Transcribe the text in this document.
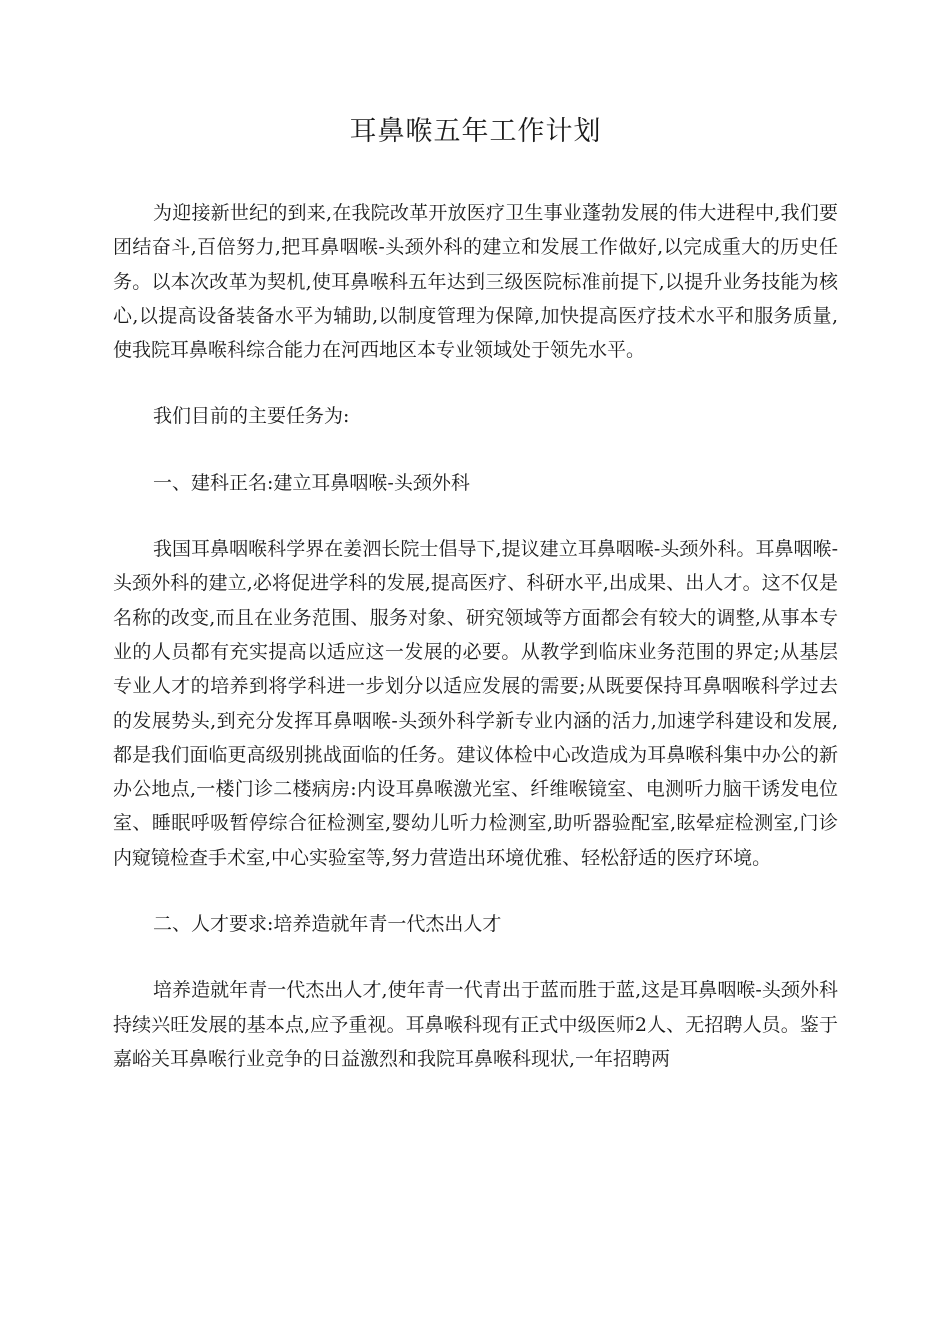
耳鼻喉五年工作计划

为迎接新世纪的到来,在我院改革开放医疗卫生事业蓬勃发展的伟大进程中,我们要团结奋斗,百倍努力,把耳鼻咽喉-头颈外科的建立和发展工作做好,以完成重大的历史任务。以本次改革为契机,使耳鼻喉科五年达到三级医院标准前提下,以提升业务技能为核心,以提高设备装备水平为辅助,以制度管理为保障,加快提高医疗技术水平和服务质量,使我院耳鼻喉科综合能力在河西地区本专业领域处于领先水平。

我们目前的主要任务为:

一、建科正名:建立耳鼻咽喉-头颈外科

我国耳鼻咽喉科学界在姜泗长院士倡导下,提议建立耳鼻咽喉-头颈外科。耳鼻咽喉-头颈外科的建立,必将促进学科的发展,提高医疗、科研水平,出成果、出人才。这不仅是名称的改变,而且在业务范围、服务对象、研究领域等方面都会有较大的调整,从事本专业的人员都有充实提高以适应这一发展的必要。从教学到临床业务范围的界定;从基层专业人才的培养到将学科进一步划分以适应发展的需要;从既要保持耳鼻咽喉科学过去的发展势头,到充分发挥耳鼻咽喉-头颈外科学新专业内涵的活力,加速学科建设和发展,都是我们面临更高级别挑战面临的任务。建议体检中心改造成为耳鼻喉科集中办公的新办公地点,一楼门诊二楼病房:内设耳鼻喉激光室、纤维喉镜室、电测听力脑干诱发电位室、睡眠呼吸暂停综合征检测室,婴幼儿听力检测室,助听器验配室,眩晕症检测室,门诊内窥镜检查手术室,中心实验室等,努力营造出环境优雅、轻松舒适的医疗环境。

二、人才要求:培养造就年青一代杰出人才

培养造就年青一代杰出人才,使年青一代青出于蓝而胜于蓝,这是耳鼻咽喉-头颈外科持续兴旺发展的基本点,应予重视。耳鼻喉科现有正式中级医师2人、无招聘人员。鉴于嘉峪关耳鼻喉行业竞争的日益激烈和我院耳鼻喉科现状,一年招聘两
